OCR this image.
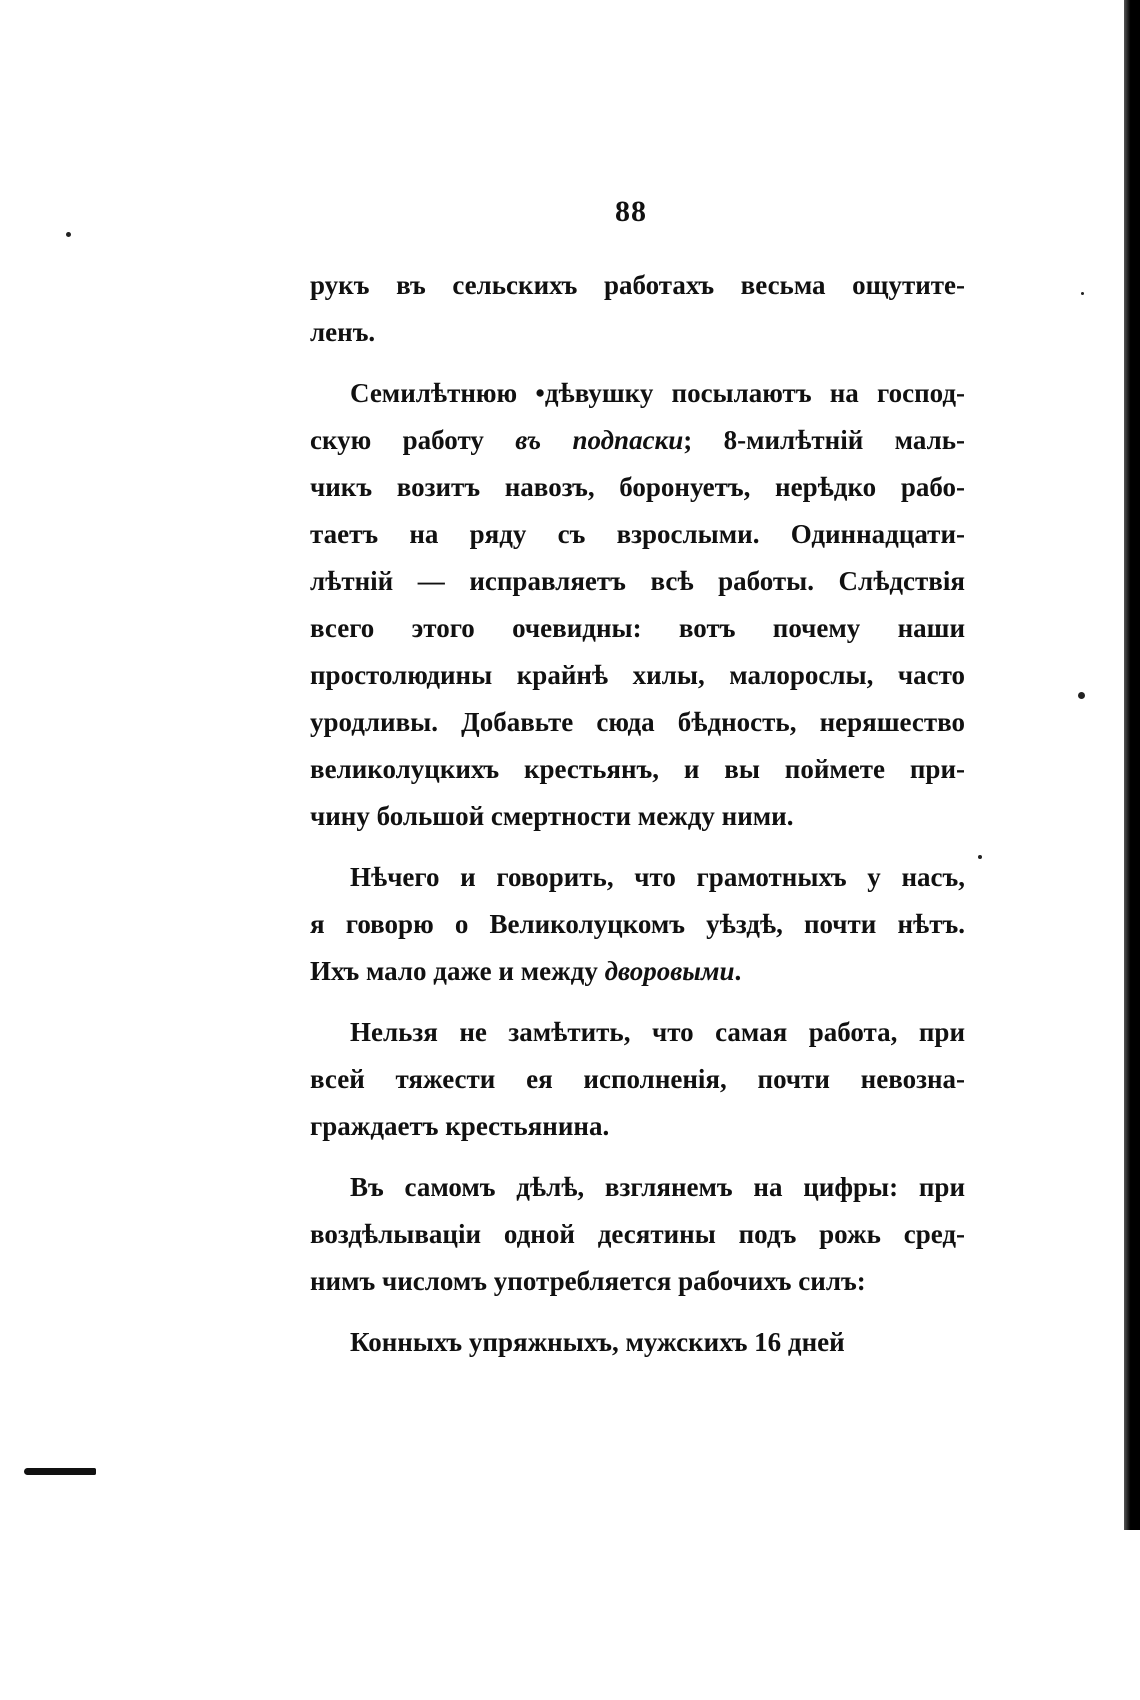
88
рукъ въ сельскихъ работахъ весьма ощутите-
ленъ.
Семилѣтнюю •дѣвушку посылаютъ на господ-
скую работу въ подпаски; 8-милѣтній маль-
чикъ возитъ навозъ, боронуетъ, нерѣдко рабо-
таетъ на ряду съ взрослыми. Одиннадцати-
лѣтній — исправляетъ всѣ работы. Слѣдствія
всего этого очевидны: вотъ почему наши
простолюдины крайнѣ хилы, малорослы, часто
уродливы. Добавьте сюда бѣдность, неряшество
великолуцкихъ крестьянъ, и вы поймете при-
чину большой смертности между ними.
Нѣчего и говорить, что грамотныхъ у насъ,
я говорю о Великолуцкомъ уѣздѣ, почти нѣтъ.
Ихъ мало даже и между дворовыми.
Нельзя не замѣтить, что самая работа, при
всей тяжести ея исполненія, почти невозна-
граждаетъ крестьянина.
Въ самомъ дѣлѣ, взглянемъ на цифры: при
воздѣлываціи одной десятины подъ рожь сред-
нимъ числомъ употребляется рабочихъ силъ:
Конныхъ упряжныхъ, мужскихъ 16 дней
